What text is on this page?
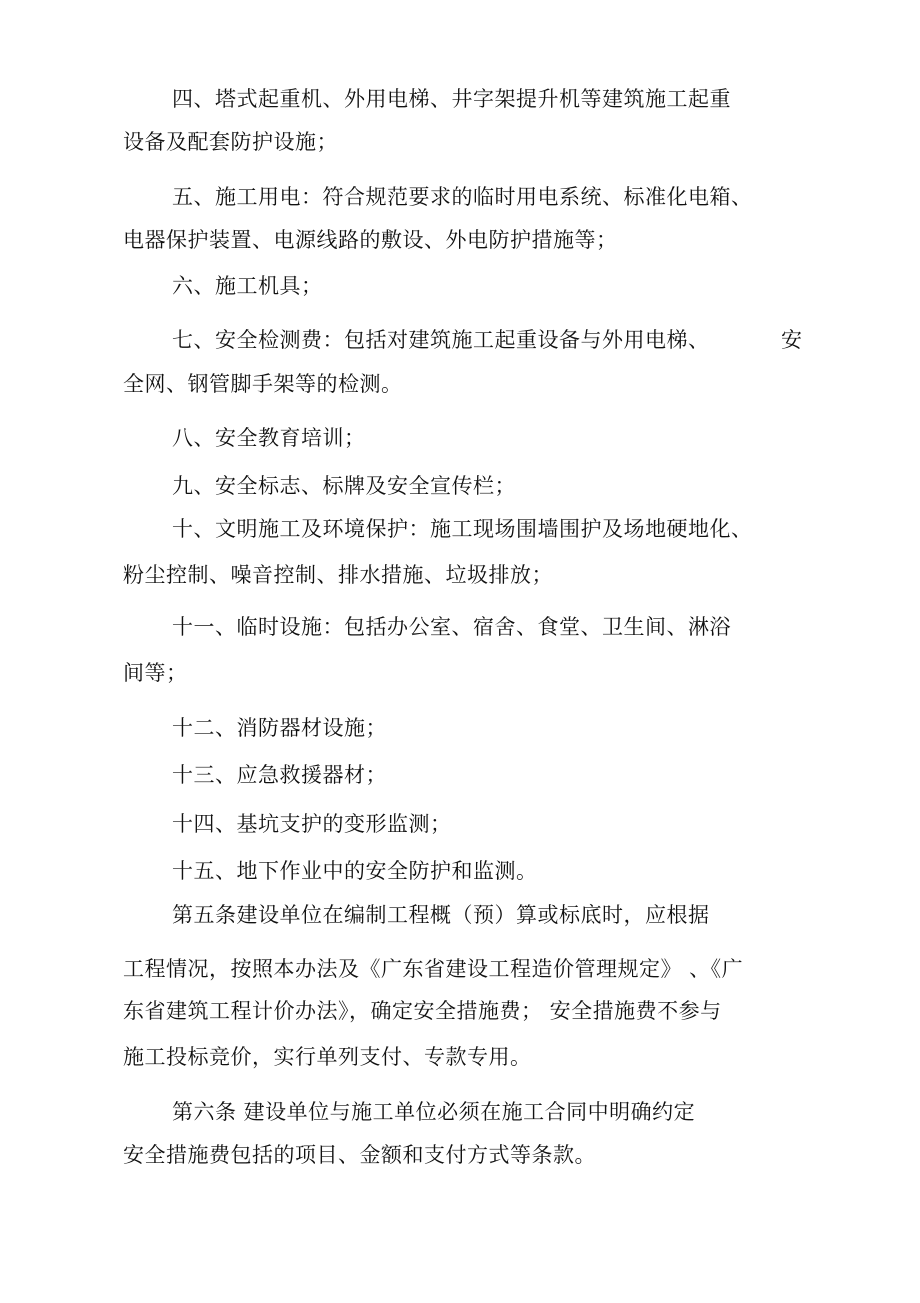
四、塔式起重机、外用电梯、井字架提升机等建筑施工起重
设备及配套防护设施；
五、施工用电：符合规范要求的临时用电系统、标准化电箱、
电器保护装置、电源线路的敷设、外电防护措施等；
六、施工机具；
七、安全检测费：包括对建筑施工起重设备与外用电梯、	安
全网、钢管脚手架等的检测。
八、安全教育培训；
九、安全标志、标牌及安全宣传栏；
十、文明施工及环境保护：施工现场围墙围护及场地硬地化、
粉尘控制、噪音控制、排水措施、垃圾排放；
十一、临时设施：包括办公室、宿舍、食堂、卫生间、淋浴
间等；
十二、消防器材设施；
十三、应急救援器材；
十四、基坑支护的变形监测；
十五、地下作业中的安全防护和监测。
第五条建设单位在编制工程概（预）算或标底时，应根据
工程情况，按照本办法及《广东省建设工程造价管理规定》 、《广
东省建筑工程计价办法》，确定安全措施费； 安全措施费不参与
施工投标竞价，实行单列支付、专款专用。
第六条 建设单位与施工单位必须在施工合同中明确约定
安全措施费包括的项目、金额和支付方式等条款。
